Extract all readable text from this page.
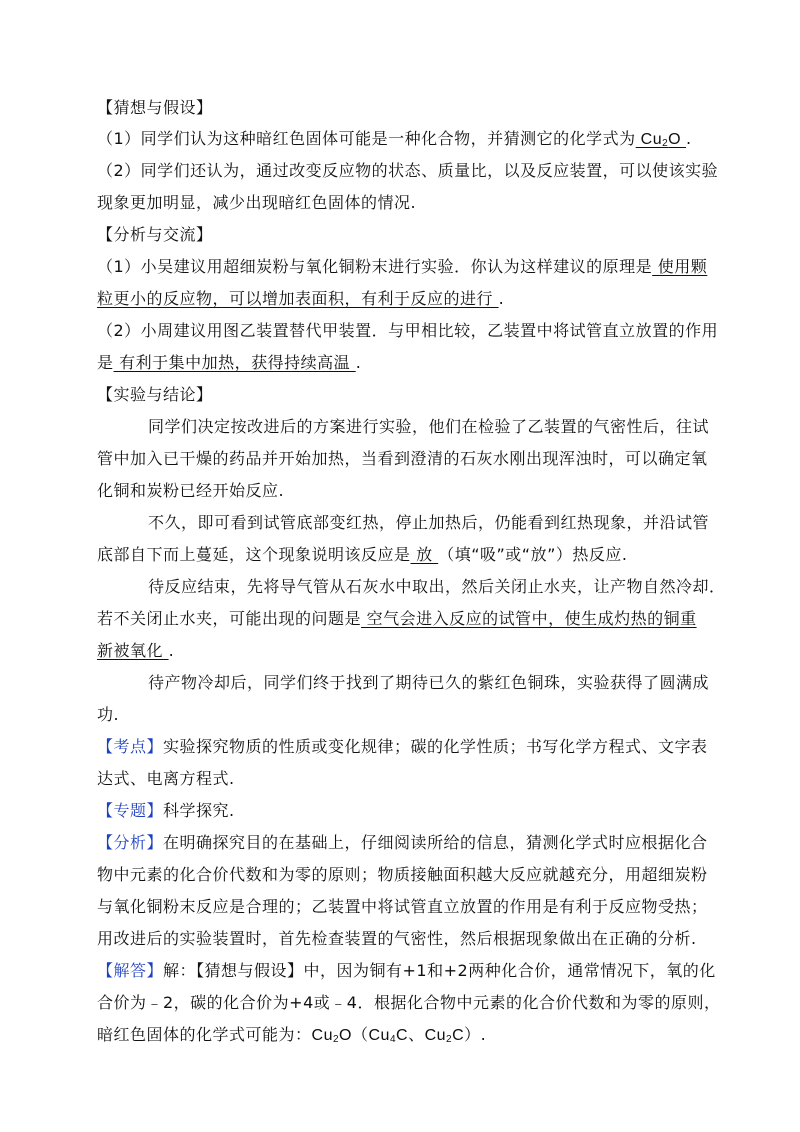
【猜想与假设】
（1）同学们认为这种暗红色固体可能是一种化合物，并猜测它的化学式为 $Cu_2O$ .
（2）同学们还认为，通过改变反应物的状态、质量比，以及反应装置，可以使该实验
现象更加明显，减少出现暗红色固体的情况.
【分析与交流】
（1）小吴建议用超细炭粉与氧化铜粉末进行实验．你认为这样建议的原理是 使用颗
粒更小的反应物，可以增加表面积，有利于反应的进行 .
（2）小周建议用图乙装置替代甲装置．与甲相比较，乙装置中将试管直立放置的作用
是 有利于集中加热，获得持续高温 .
【实验与结论】
同学们决定按改进后的方案进行实验，他们在检验了乙装置的气密性后，往试
管中加入已干燥的药品并开始加热，当看到澄清的石灰水刚出现浑浊时，可以确定氧
化铜和炭粉已经开始反应.
不久，即可看到试管底部变红热，停止加热后，仍能看到红热现象，并沿试管
底部自下而上蔓延，这个现象说明该反应是 放 （填“吸”或“放”）热反应.
待反应结束，先将导气管从石灰水中取出，然后关闭止水夹，让产物自然冷却．
若不关闭止水夹，可能出现的问题是 空气会进入反应的试管中，使生成灼热的铜重
新被氧化 .
待产物冷却后，同学们终于找到了期待已久的紫红色铜珠，实验获得了圆满成
功.
【考点】实验探究物质的性质或变化规律；碳的化学性质；书写化学方程式、文字表
达式、电离方程式.
【专题】科学探究.
【分析】在明确探究目的在基础上，仔细阅读所给的信息，猜测化学式时应根据化合
物中元素的化合价代数和为零的原则；物质接触面积越大反应就越充分，用超细炭粉
与氧化铜粉末反应是合理的；乙装置中将试管直立放置的作用是有利于反应物受热；
用改进后的实验装置时，首先检查装置的气密性，然后根据现象做出在正确的分析.
【解答】解：【猜想与假设】中，因为铜有+1和+2两种化合价，通常情况下，氧的化
合价为﹣2，碳的化合价为+4或﹣4．根据化合物中元素的化合价代数和为零的原则，
暗红色固体的化学式可能为：$Cu_2O(Cu_4C$、$Cu_2C$）.
